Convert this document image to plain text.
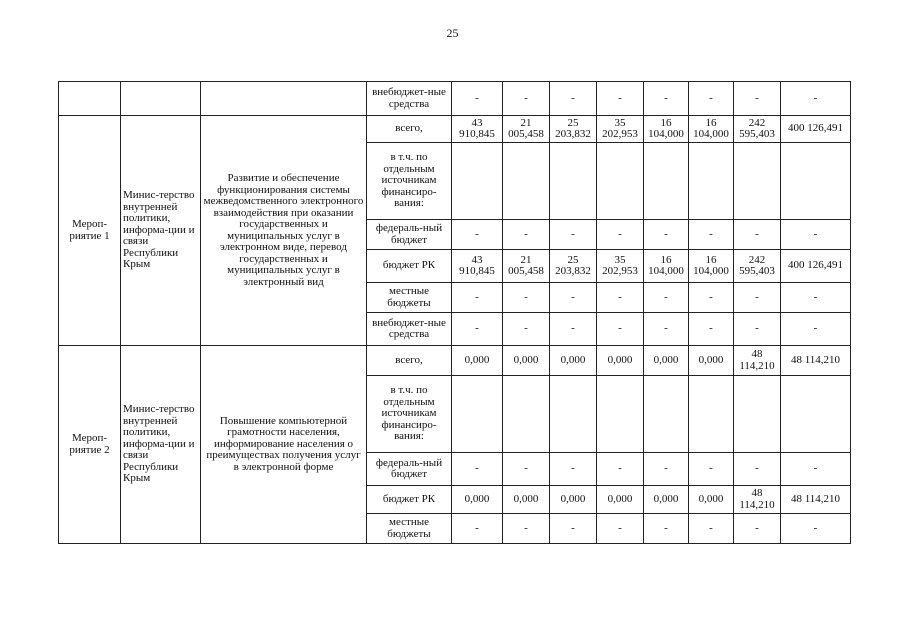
25
			внебюджет-ные средства	-	-	-	-	-	-	-	-
Мероп-риятие 1	Минис-терство внутренней политики, информа-ции и связи Республики Крым	Развитие и обеспечение функционирования системы межведомственного электронного взаимодействия при оказании государственных и муниципальных услуг в электронном виде, перевод государственных и муниципальных услуг в электронный вид	всего,	43 910,845	21 005,458	25 203,832	35 202,953	16 104,000	16 104,000	242 595,403	400 126,491
			в т.ч. по отдельным источникам финансиро-вания:								
			федераль-ный бюджет	-	-	-	-	-	-	-	-
			бюджет РК	43 910,845	21 005,458	25 203,832	35 202,953	16 104,000	16 104,000	242 595,403	400 126,491
			местные бюджеты	-	-	-	-	-	-	-	-
			внебюджет-ные средства	-	-	-	-	-	-	-	-
Мероп-риятие 2	Минис-терство внутренней политики, информа-ции и связи Республики Крым	Повышение компьютерной грамотности населения, информирование населения о преимуществах получения услуг в электронной форме	всего,	0,000	0,000	0,000	0,000	0,000	0,000	48 114,210	48 114,210
			в т.ч. по отдельным источникам финансиро-вания:								
			федераль-ный бюджет	-	-	-	-	-	-	-	-
			бюджет РК	0,000	0,000	0,000	0,000	0,000	0,000	48 114,210	48 114,210
			местные бюджеты	-	-	-	-	-	-	-	-
